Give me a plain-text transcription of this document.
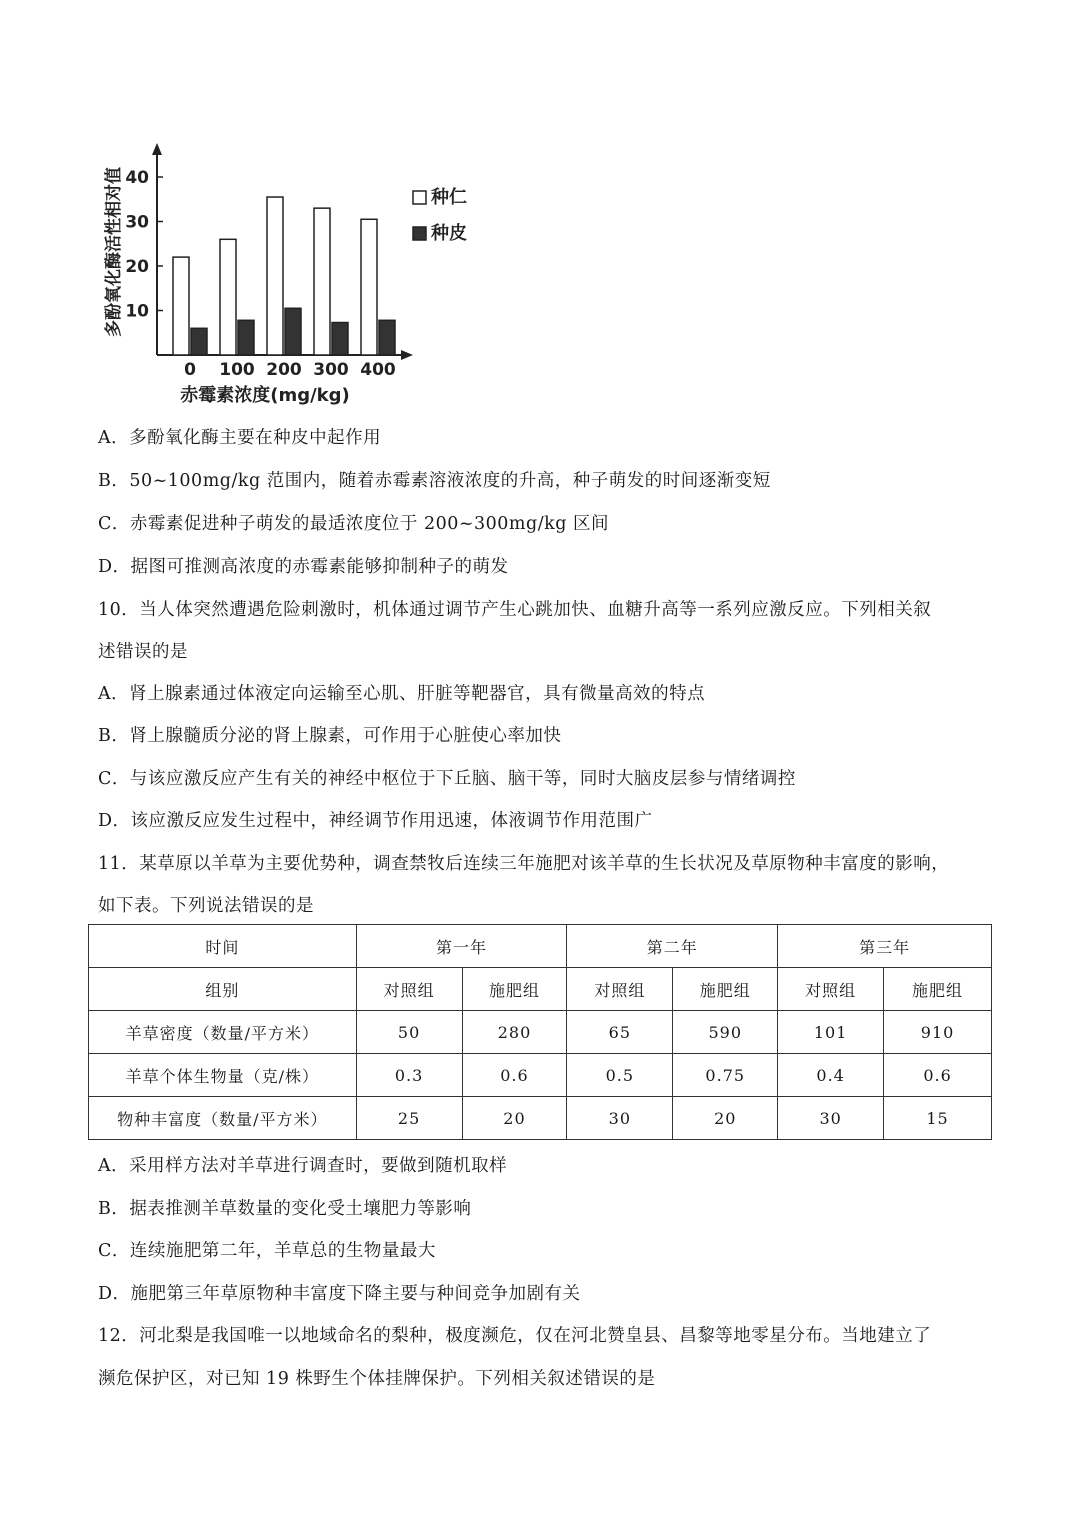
10
20
30
40
0 100 200 300 400
种仁
种皮
赤霉素浓度(mg/kg)
多酚氧化酶活性相对值
A．多酚氧化酶主要在种皮中起作用
B．50~100mg/kg 范围内，随着赤霉素溶液浓度的升高，种子萌发的时间逐渐变短
C．赤霉素促进种子萌发的最适浓度位于 200~300mg/kg 区间
D．据图可推测高浓度的赤霉素能够抑制种子的萌发
10．当人体突然遭遇危险刺激时，机体通过调节产生心跳加快、血糖升高等一系列应激反应。下列相关叙
述错误的是
A．肾上腺素通过体液定向运输至心肌、肝脏等靶器官，具有微量高效的特点
B．肾上腺髓质分泌的肾上腺素，可作用于心脏使心率加快
C．与该应激反应产生有关的神经中枢位于下丘脑、脑干等，同时大脑皮层参与情绪调控
D．该应激反应发生过程中，神经调节作用迅速，体液调节作用范围广
11．某草原以羊草为主要优势种，调查禁牧后连续三年施肥对该羊草的生长状况及草原物种丰富度的影响，
如下表。下列说法错误的是
时间	第一年		第二年		第三年	
组别	对照组	施肥组	对照组	施肥组	对照组	施肥组
羊草密度（数量/平方米）	50	280	65	590	101	910
羊草个体生物量（克/株）	0.3	0.6	0.5	0.75	0.4	0.6
物种丰富度（数量/平方米）	25	20	30	20	30	15
A．采用样方法对羊草进行调查时，要做到随机取样
B．据表推测羊草数量的变化受土壤肥力等影响
C．连续施肥第二年，羊草总的生物量最大
D．施肥第三年草原物种丰富度下降主要与种间竞争加剧有关
12．河北梨是我国唯一以地域命名的梨种，极度濒危，仅在河北赞皇县、昌黎等地零星分布。当地建立了
濒危保护区，对已知 19 株野生个体挂牌保护。下列相关叙述错误的是
